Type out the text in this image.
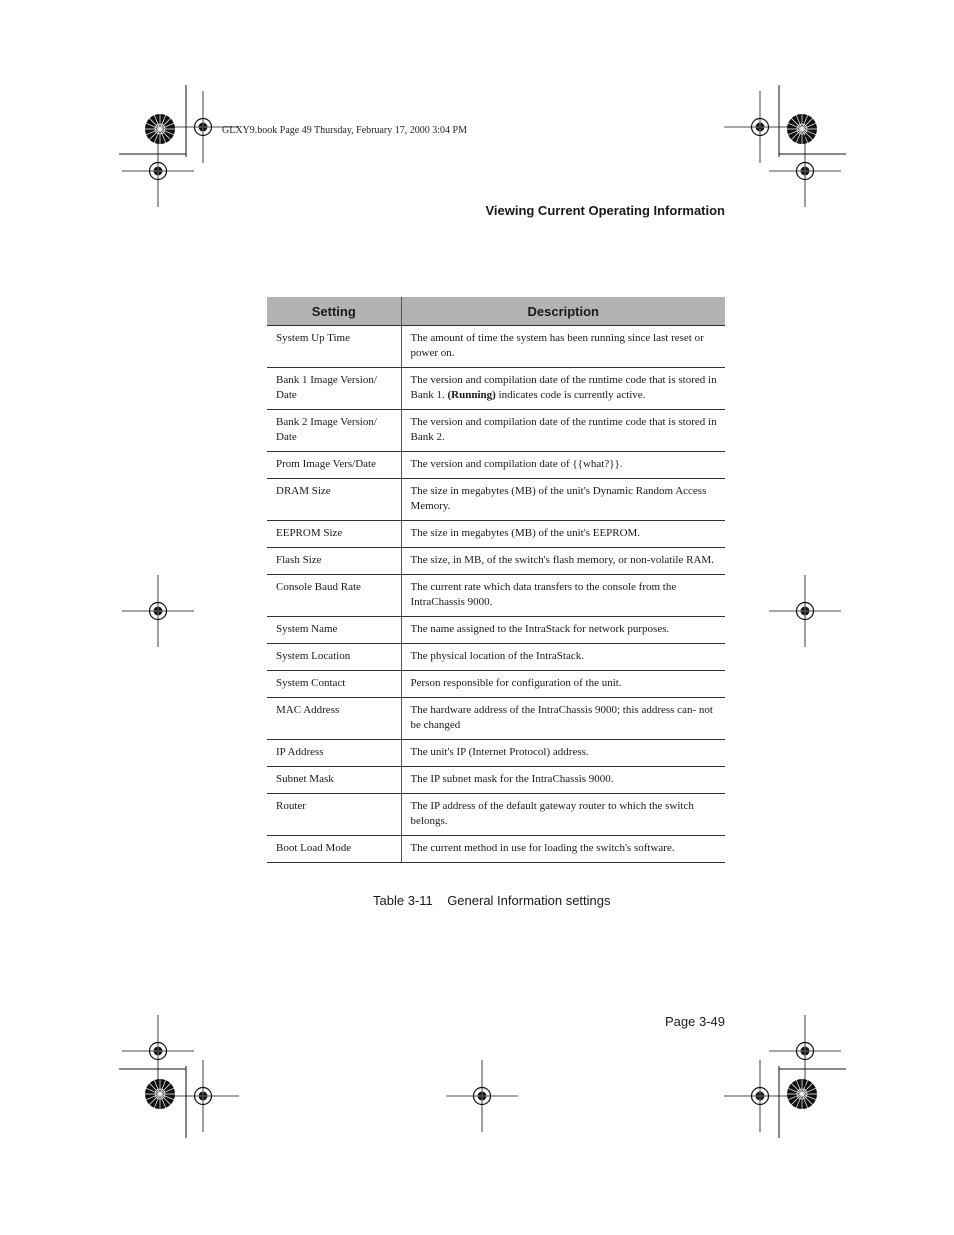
GLXY9.book Page 49 Thursday, February 17, 2000 3:04 PM
Viewing Current Operating Information
Setting	Description
System Up Time	The amount of time the system has been running since last reset or power on.
Bank 1 Image Version/ Date	The version and compilation date of the runtime code that is stored in Bank 1. (Running) indicates code is currently active.
Bank 2 Image Version/ Date	The version and compilation date of the runtime code that is stored in Bank 2.
Prom Image Vers/Date	The version and compilation date of {{what?}}.
DRAM Size	The size in megabytes (MB) of the unit's Dynamic Random Access Memory.
EEPROM Size	The size in megabytes (MB) of the unit's EEPROM.
Flash Size	The size, in MB, of the switch's flash memory, or non-volatile RAM.
Console Baud Rate	The current rate which data transfers to the console from the IntraChassis 9000.
System Name	The name assigned to the IntraStack for network purposes.
System Location	The physical location of the IntraStack.
System Contact	Person responsible for configuration of the unit.
MAC Address	The hardware address of the IntraChassis 9000; this address can- not be changed
IP Address	The unit's IP (Internet Protocol) address.
Subnet Mask	The IP subnet mask for the IntraChassis 9000.
Router	The IP address of the default gateway router to which the switch belongs.
Boot Load Mode	The current method in use for loading the switch's software.
Table 3-11    General Information settings
Page 3-49
